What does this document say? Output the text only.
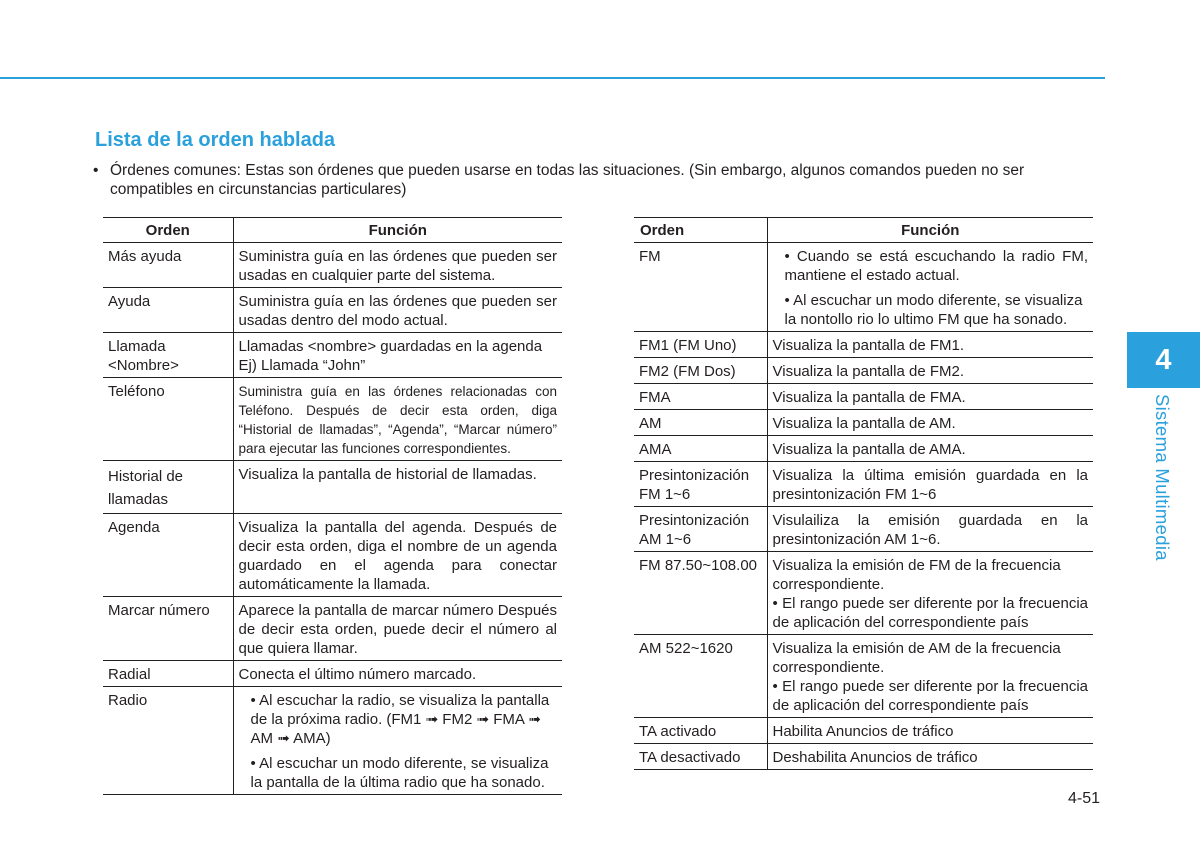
Lista de la orden hablada
• Órdenes comunes: Estas son órdenes que pueden usarse en todas las situaciones. (Sin embargo, algunos comandos pueden no ser compatibles en circunstancias particulares)
Orden	Función
Más ayuda	Suministra guía en las órdenes que pueden ser usadas en cualquier parte del sistema.
Ayuda	Suministra guía en las órdenes que pueden ser usadas dentro del modo actual.
Llamada <Nombre>	Llamadas <nombre> guardadas en la agenda Ej) Llamada “John”
Teléfono	Suministra guía en las órdenes relacionadas con Teléfono. Después de decir esta orden, diga “Historial de llamadas”, “Agenda”, “Marcar número” para ejecutar las funciones correspondientes.
Historial de llamadas	Visualiza la pantalla de historial de llamadas.
Agenda	Visualiza la pantalla del agenda. Después de decir esta orden, diga el nombre de un agenda guardado en el agenda para conectar automáticamente la llamada.
Marcar número	Aparece la pantalla de marcar número Después de decir esta orden, puede decir el número al que quiera llamar.
Radial	Conecta el último número marcado.
Radio	• Al escuchar la radio, se visualiza la pantalla de la próxima radio. (FM1 ➟ FM2 ➟ FMA ➟ AM ➟ AMA)

• Al escuchar un modo diferente, se visualiza la pantalla de la última radio que ha sonado.

Orden	Función
FM	• Cuando se está escuchando la radio FM, mantiene el estado actual.

• Al escuchar un modo diferente, se visualiza la nontollo rio lo ultimo FM que ha sonado.

FM1 (FM Uno)	Visualiza la pantalla de FM1.
FM2 (FM Dos)	Visualiza la pantalla de FM2.
FMA	Visualiza la pantalla de FMA.
AM	Visualiza la pantalla de AM.
AMA	Visualiza la pantalla de AMA.
Presintonización FM 1~6	Visualiza la última emisión guardada en la presintonización FM 1~6
Presintonización AM 1~6	Visulailiza la emisión guardada en la presintonización AM 1~6.
FM 87.50~108.00	Visualiza la emisión de FM de la frecuencia correspondiente.
• El rango puede ser diferente por la frecuencia de aplicación del correspondiente país

AM 522~1620	Visualiza la emisión de AM de la frecuencia correspondiente.
• El rango puede ser diferente por la frecuencia de aplicación del correspondiente país

TA activado	Habilita Anuncios de tráfico
TA desactivado	Deshabilita Anuncios de tráfico
4
Sistema Multimedia
4-51
